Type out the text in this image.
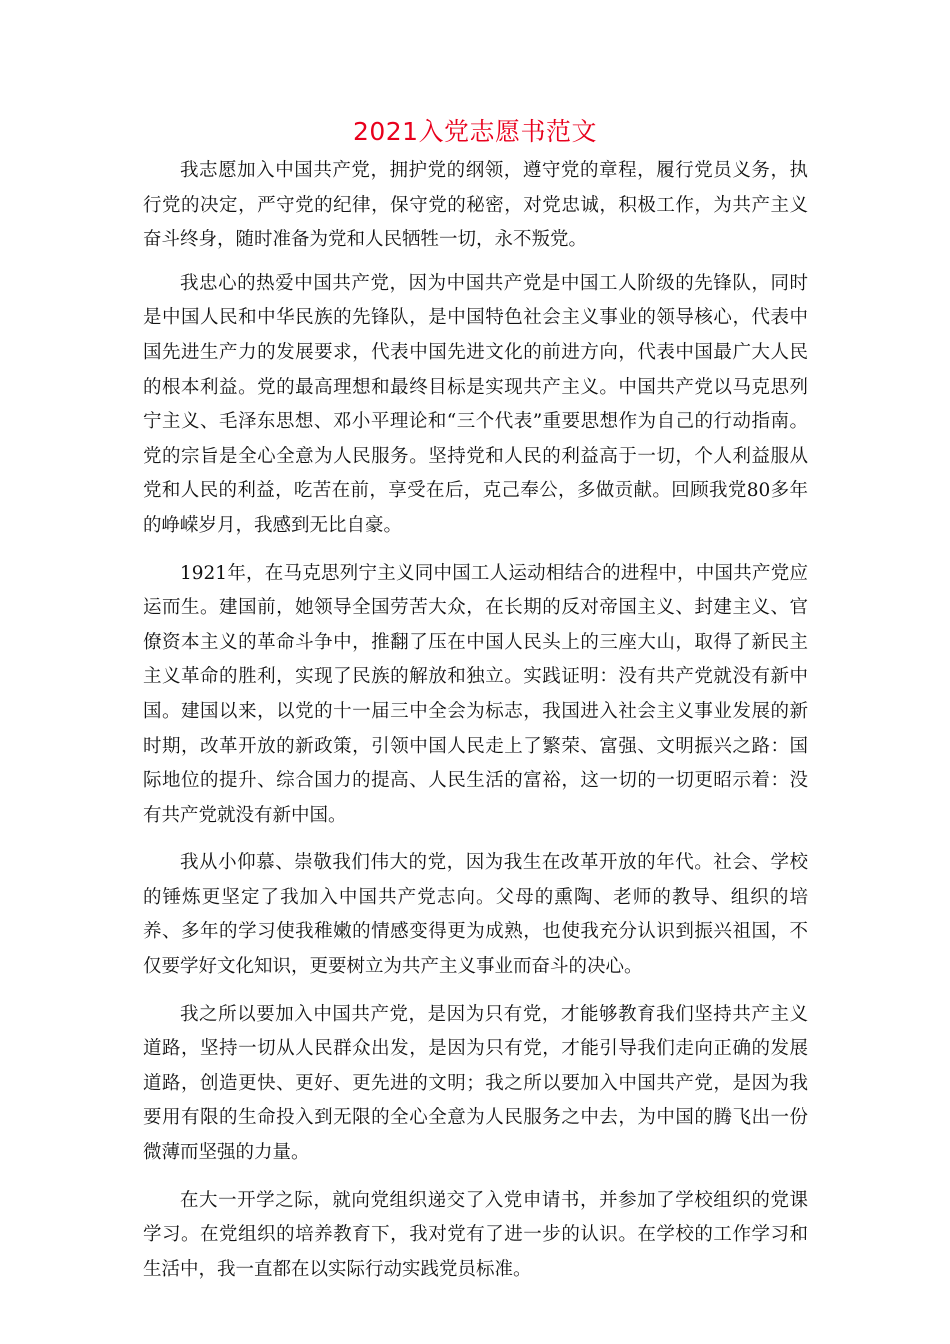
2021入党志愿书范文

我志愿加入中国共产党，拥护党的纲领，遵守党的章程，履行党员义务，执行党的决定，严守党的纪律，保守党的秘密，对党忠诚，积极工作，为共产主义奋斗终身，随时准备为党和人民牺牲一切，永不叛党。

我忠心的热爱中国共产党，因为中国共产党是中国工人阶级的先锋队，同时是中国人民和中华民族的先锋队，是中国特色社会主义事业的领导核心，代表中国先进生产力的发展要求，代表中国先进文化的前进方向，代表中国最广大人民的根本利益。党的最高理想和最终目标是实现共产主义。中国共产党以马克思列宁主义、毛泽东思想、邓小平理论和“三个代表”重要思想作为自己的行动指南。党的宗旨是全心全意为人民服务。坚持党和人民的利益高于一切，个人利益服从党和人民的利益，吃苦在前，享受在后，克己奉公，多做贡献。回顾我党80多年的峥嵘岁月，我感到无比自豪。

1921年，在马克思列宁主义同中国工人运动相结合的进程中，中国共产党应运而生。建国前，她领导全国劳苦大众，在长期的反对帝国主义、封建主义、官僚资本主义的革命斗争中，推翻了压在中国人民头上的三座大山，取得了新民主主义革命的胜利，实现了民族的解放和独立。实践证明：没有共产党就没有新中国。建国以来，以党的十一届三中全会为标志，我国进入社会主义事业发展的新时期，改革开放的新政策，引领中国人民走上了繁荣、富强、文明振兴之路：国际地位的提升、综合国力的提高、人民生活的富裕，这一切的一切更昭示着：没有共产党就没有新中国。

我从小仰慕、崇敬我们伟大的党，因为我生在改革开放的年代。社会、学校的锤炼更坚定了我加入中国共产党志向。父母的熏陶、老师的教导、组织的培养、多年的学习使我稚嫩的情感变得更为成熟，也使我充分认识到振兴祖国，不仅要学好文化知识，更要树立为共产主义事业而奋斗的决心。

我之所以要加入中国共产党，是因为只有党，才能够教育我们坚持共产主义道路，坚持一切从人民群众出发，是因为只有党，才能引导我们走向正确的发展道路，创造更快、更好、更先进的文明；我之所以要加入中国共产党，是因为我要用有限的生命投入到无限的全心全意为人民服务之中去，为中国的腾飞出一份微薄而坚强的力量。

在大一开学之际，就向党组织递交了入党申请书，并参加了学校组织的党课学习。在党组织的培养教育下，我对党有了进一步的认识。在学校的工作学习和生活中，我一直都在以实际行动实践党员标准。
